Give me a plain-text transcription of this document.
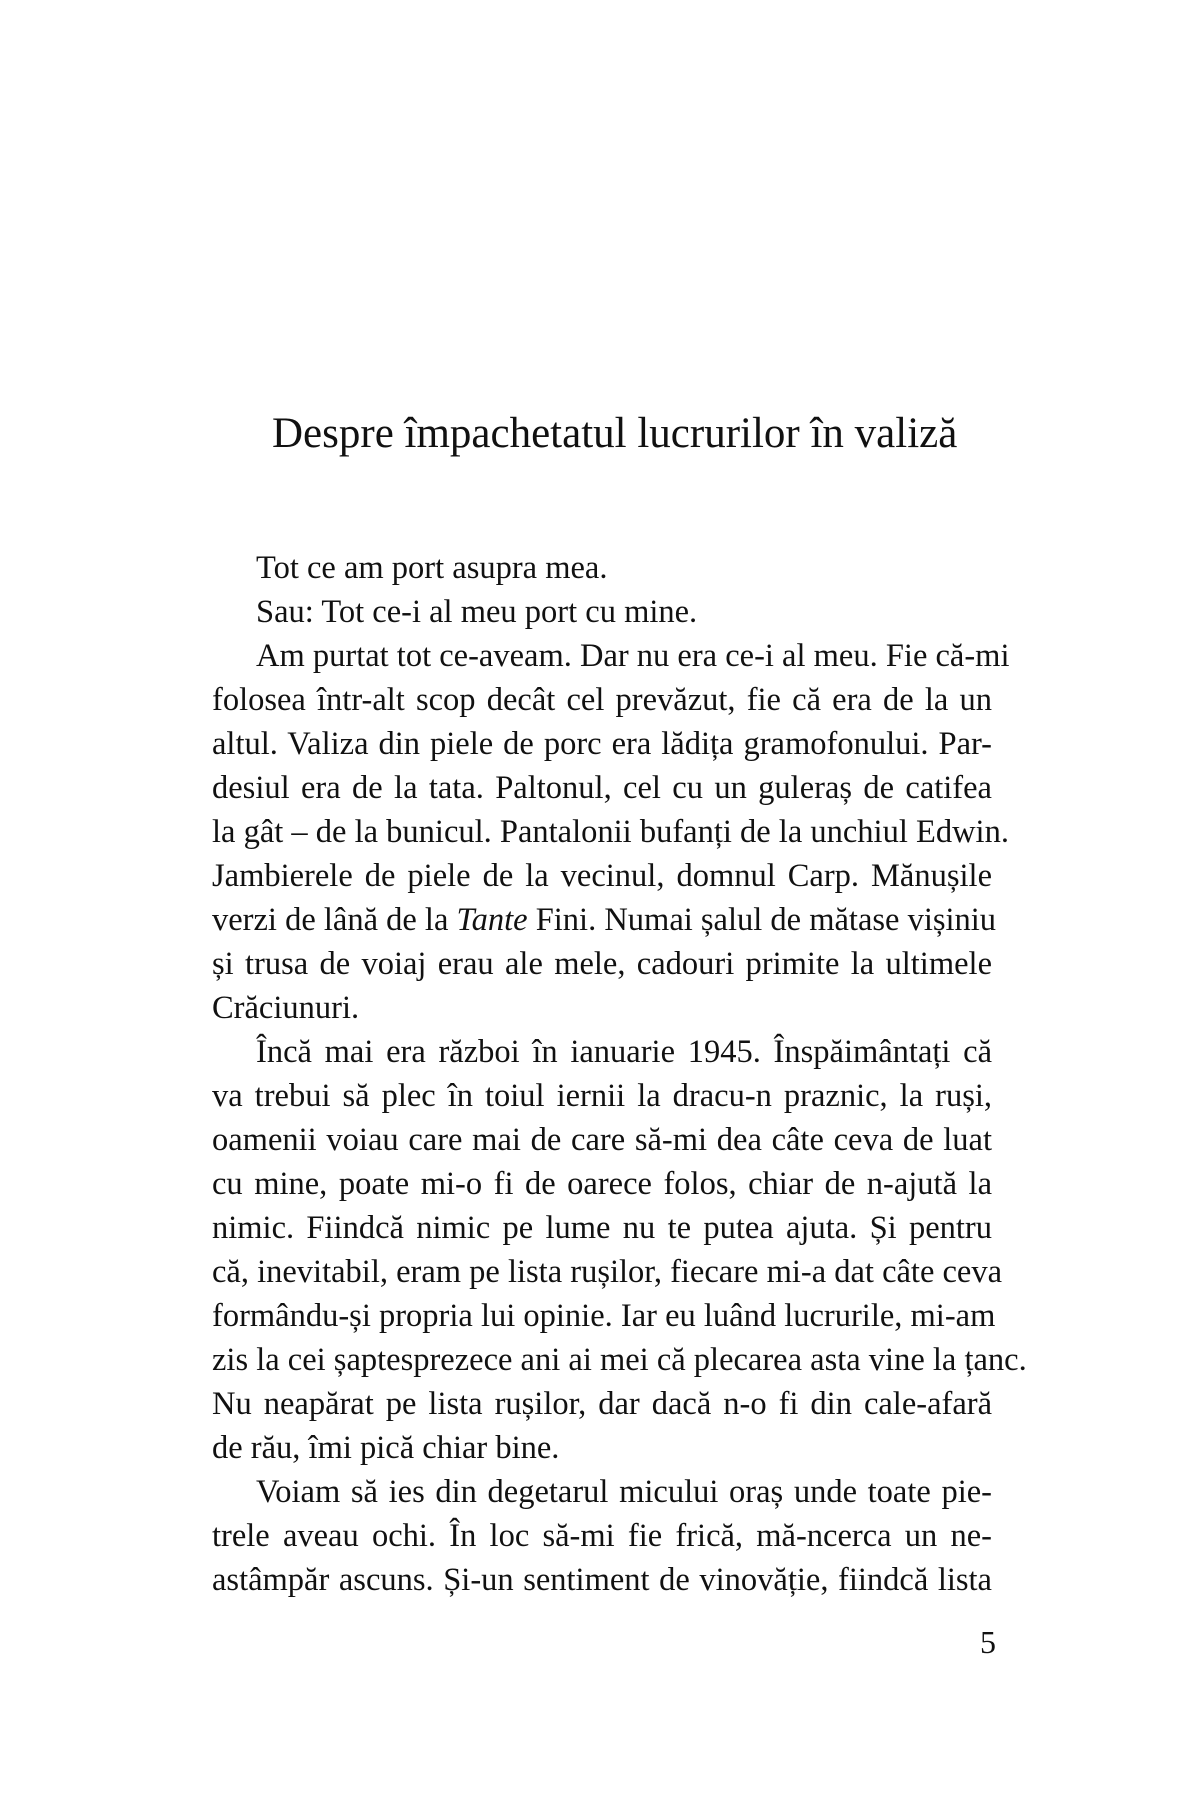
Despre împachetatul lucrurilor în valiză

Tot ce am port asupra mea.

Sau: Tot ce-i al meu port cu mine.

Am purtat tot ce-aveam. Dar nu era ce-i al meu. Fie că-mi

folosea într-alt scop decât cel prevăzut, fie că era de la un

altul. Valiza din piele de porc era lădița gramofonului. Par-

desiul era de la tata. Paltonul, cel cu un guleraș de catifea

la gât – de la bunicul. Pantalonii bufanți de la unchiul Edwin.

Jambierele de piele de la vecinul, domnul Carp. Mănușile

verzi de lână de la Tante Fini. Numai șalul de mătase vișiniu

și trusa de voiaj erau ale mele, cadouri primite la ultimele

Crăciunuri.

Încă mai era război în ianuarie 1945. Înspăimântați că

va trebui să plec în toiul iernii la dracu-n praznic, la ruși,

oamenii voiau care mai de care să-mi dea câte ceva de luat

cu mine, poate mi-o fi de oarece folos, chiar de n-ajută la

nimic. Fiindcă nimic pe lume nu te putea ajuta. Și pentru

că, inevitabil, eram pe lista rușilor, fiecare mi-a dat câte ceva

formându-și propria lui opinie. Iar eu luând lucrurile, mi-am

zis la cei șaptesprezece ani ai mei că plecarea asta vine la țanc.

Nu neapărat pe lista rușilor, dar dacă n-o fi din cale-afară

de rău, îmi pică chiar bine.

Voiam să ies din degetarul micului oraș unde toate pie-

trele aveau ochi. În loc să-mi fie frică, mă-ncerca un ne-

astâmpăr ascuns. Și-un sentiment de vinovăție, fiindcă lista

5
